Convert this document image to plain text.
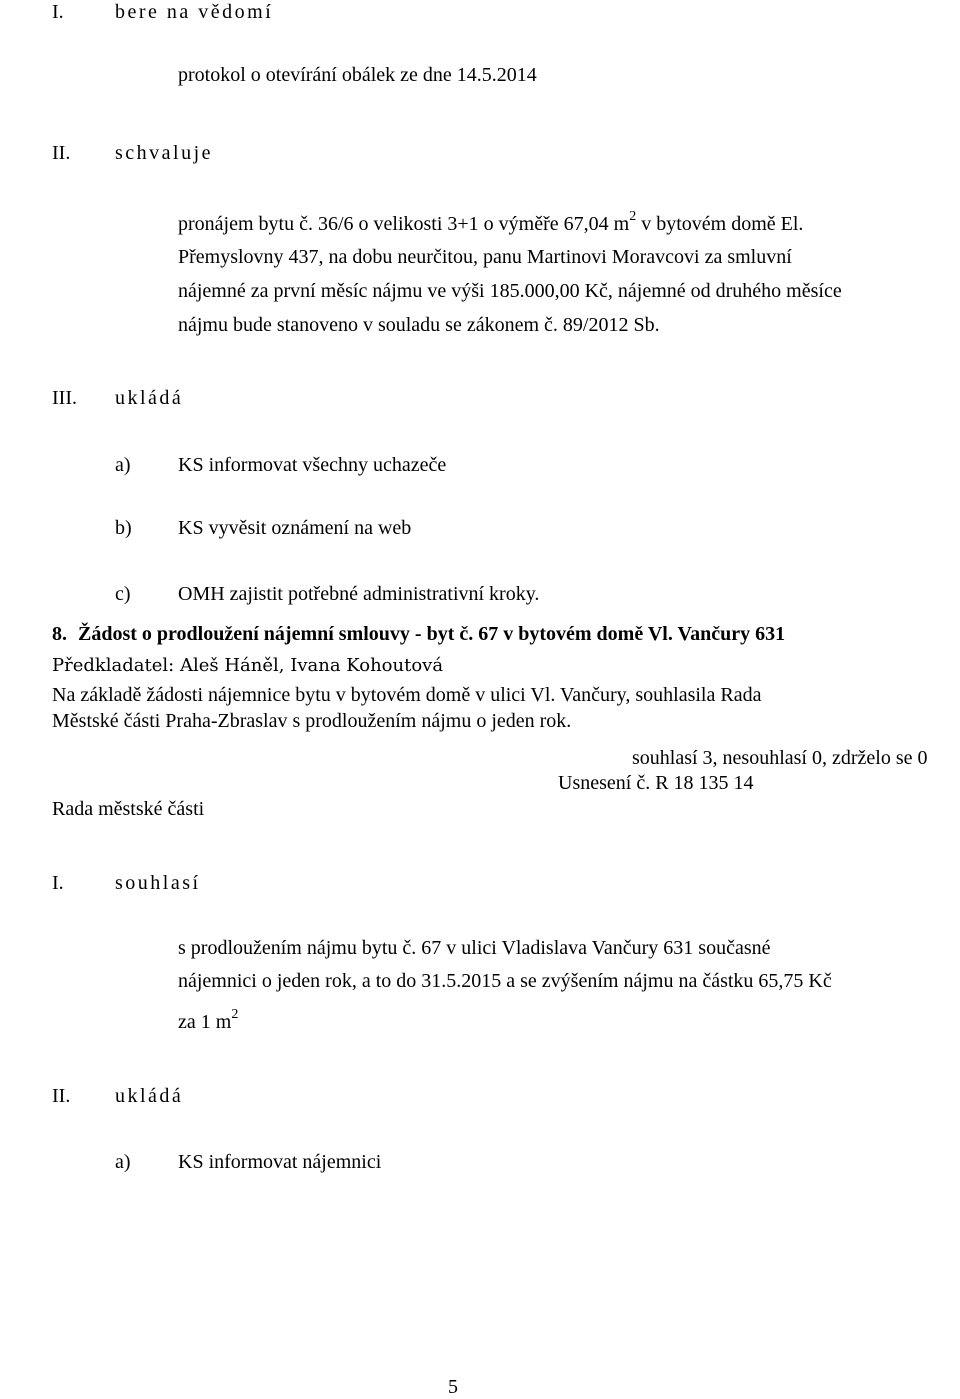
I.	bere na vědomí
protokol o otevírání obálek ze dne 14.5.2014
II. schvaluje
pronájem bytu č. 36/6 o velikosti 3+1 o výměře 67,04 $m^2$ v bytovém domě El.
Přemyslovny 437, na dobu neurčitou, panu Martinovi Moravcovi za smluvní
nájemné za první měsíc nájmu ve výši 185.000,00 Kč, nájemné od druhého měsíce
nájmu bude stanoveno v souladu se zákonem č. 89/2012 Sb.
III. ukládá
a) KS informovat všechny uchazeče
b) KS vyvěsit oznámení na web
c) OMH zajistit potřebné administrativní kroky.
8. Žádost o prodloužení nájemní smlouvy - byt č. 67 v bytovém domě Vl. Vančury 631
Předkladatel: Aleš Háněl, Ivana Kohoutová
Na základě žádosti nájemnice bytu v bytovém domě v ulici Vl. Vančury, souhlasila Rada
Městské části Praha-Zbraslav s prodloužením nájmu o jeden rok.
souhlasí 3, nesouhlasí 0, zdrželo se 0
Usnesení č. R 18 135 14
Rada městské části
I.	souhlasí
s prodloužením nájmu bytu č. 67 v ulici Vladislava Vančury 631 současné
nájemnici o jeden rok, a to do 31.5.2015 a se zvýšením nájmu na částku 65,75 Kč
za 1 $m^2$
II. ukládá
a) KS informovat nájemnici
5
